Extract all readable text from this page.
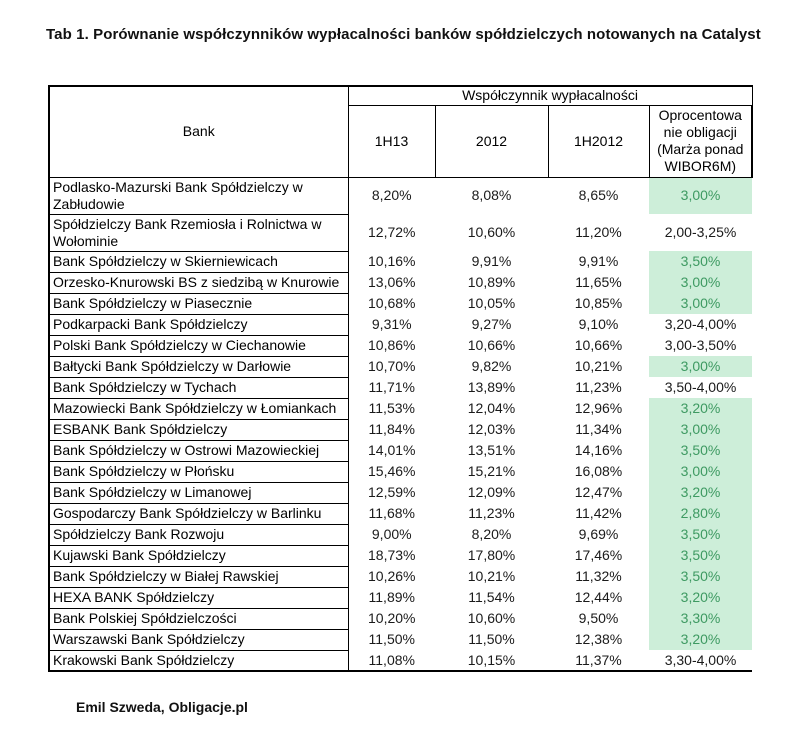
Tab 1. Porównanie współczynników wypłacalności banków spółdzielczych notowanych na Catalyst
Bank	Współczynnik wypłacalności			
	1H13	2012	1H2012	Oprocentowa
nie obligacji
(Marża ponad
WIBOR6M)

Podlasko-Mazurski Bank Spółdzielczy w Zabłudowie	8,20%	8,08%	8,65%	3,00%
Spółdzielczy Bank Rzemiosła i Rolnictwa w Wołominie	12,72%	10,60%	11,20%	2,00-3,25%
Bank Spółdzielczy w Skierniewicach	10,16%	9,91%	9,91%	3,50%
Orzesko-Knurowski BS z siedzibą w Knurowie	13,06%	10,89%	11,65%	3,00%
Bank Spółdzielczy w Piasecznie	10,68%	10,05%	10,85%	3,00%
Podkarpacki Bank Spółdzielczy	9,31%	9,27%	9,10%	3,20-4,00%
Polski Bank Spółdzielczy w Ciechanowie	10,86%	10,66%	10,66%	3,00-3,50%
Bałtycki Bank Spółdzielczy w Darłowie	10,70%	9,82%	10,21%	3,00%
Bank Spółdzielczy w Tychach	11,71%	13,89%	11,23%	3,50-4,00%
Mazowiecki Bank Spółdzielczy w Łomiankach	11,53%	12,04%	12,96%	3,20%
ESBANK Bank Spółdzielczy	11,84%	12,03%	11,34%	3,00%
Bank Spółdzielczy w Ostrowi Mazowieckiej	14,01%	13,51%	14,16%	3,50%
Bank Spółdzielczy w Płońsku	15,46%	15,21%	16,08%	3,00%
Bank Spółdzielczy w Limanowej	12,59%	12,09%	12,47%	3,20%
Gospodarczy Bank Spółdzielczy w Barlinku	11,68%	11,23%	11,42%	2,80%
Spółdzielczy Bank Rozwoju	9,00%	8,20%	9,69%	3,50%
Kujawski Bank Spółdzielczy	18,73%	17,80%	17,46%	3,50%
Bank Spółdzielczy w Białej Rawskiej	10,26%	10,21%	11,32%	3,50%
HEXA BANK Spółdzielczy	11,89%	11,54%	12,44%	3,20%
Bank Polskiej Spółdzielczości	10,20%	10,60%	9,50%	3,30%
Warszawski Bank Spółdzielczy	11,50%	11,50%	12,38%	3,20%
Krakowski Bank Spółdzielczy	11,08%	10,15%	11,37%	3,30-4,00%
Emil Szweda, Obligacje.pl
